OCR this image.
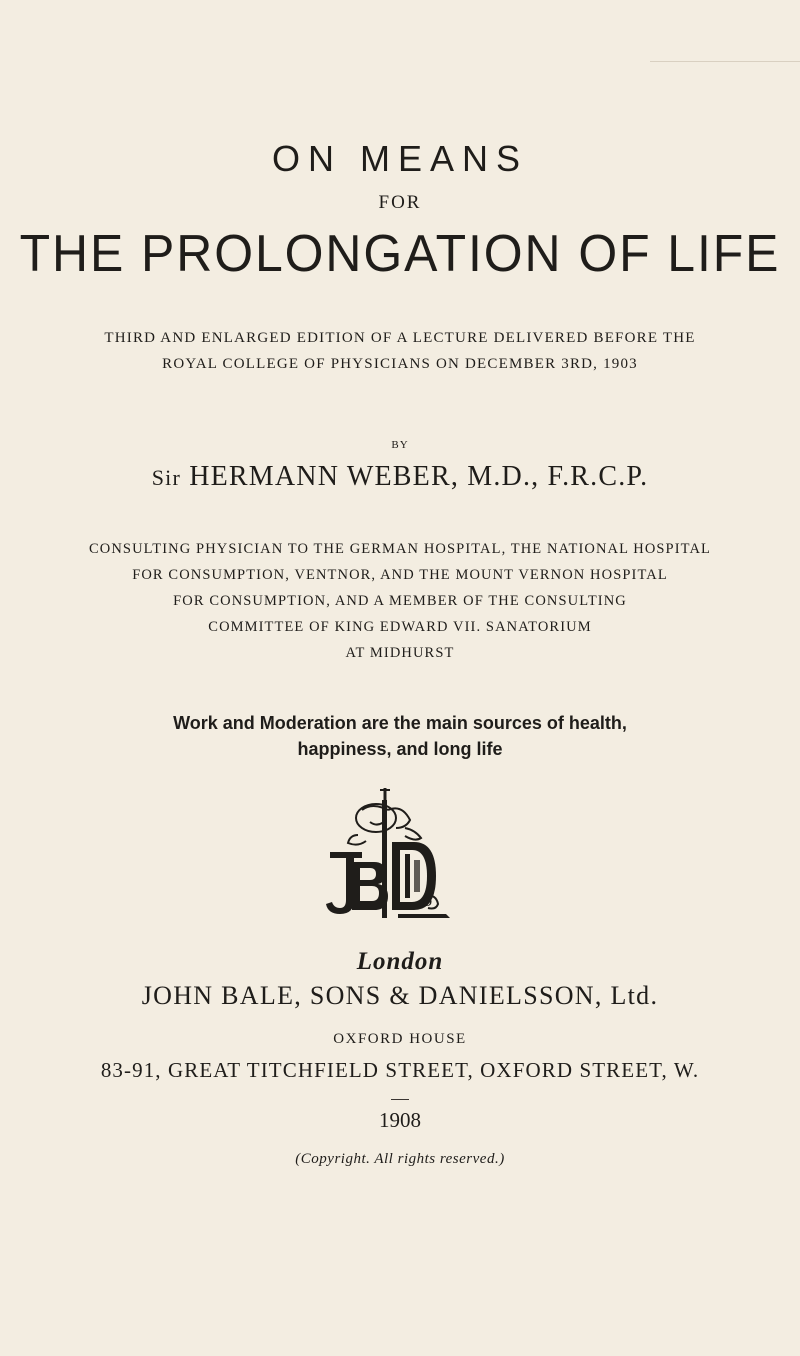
ON MEANS
FOR
THE PROLONGATION OF LIFE
THIRD AND ENLARGED EDITION OF A LECTURE DELIVERED BEFORE THE
ROYAL COLLEGE OF PHYSICIANS ON DECEMBER 3RD, 1903
BY
Sir HERMANN WEBER, M.D., F.R.C.P.
CONSULTING PHYSICIAN TO THE GERMAN HOSPITAL, THE NATIONAL HOSPITAL
FOR CONSUMPTION, VENTNOR, AND THE MOUNT VERNON HOSPITAL
FOR CONSUMPTION, AND A MEMBER OF THE CONSULTING
COMMITTEE OF KING EDWARD VII. SANATORIUM
AT MIDHURST
Work and Moderation are the main sources of health,
happiness, and long life
D
London
JOHN BALE, SONS & DANIELSSON, Ltd.
OXFORD HOUSE
83-91, GREAT TITCHFIELD STREET, OXFORD STREET, W.
1908
(Copyright. All rights reserved.)
